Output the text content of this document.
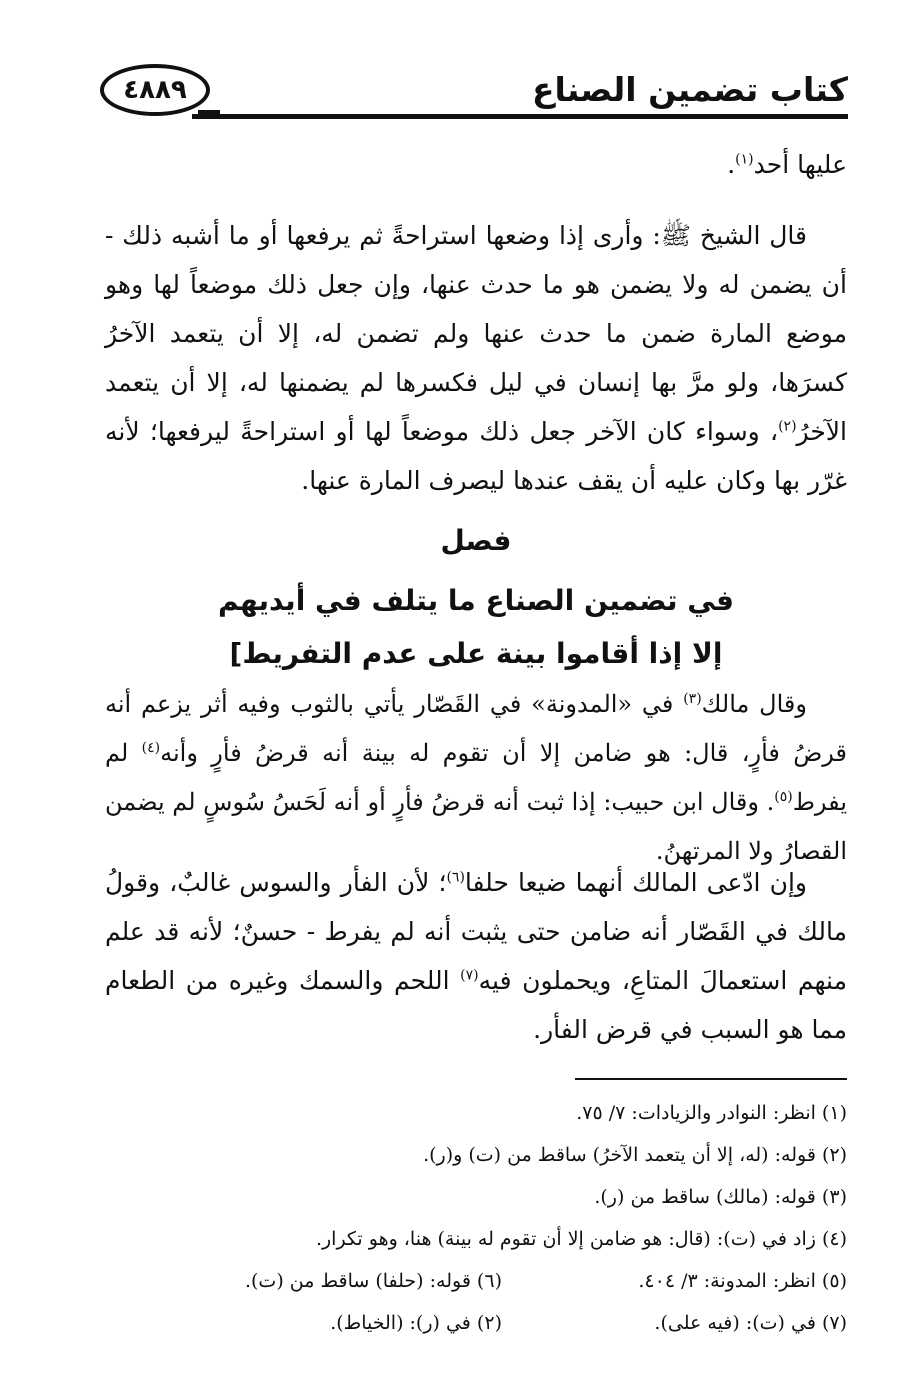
كتاب تضمين الصناع
٤٨٨٩

عليها أحد$^{(١)}$.

قال الشيخ ﷺ: وأرى إذا وضعها استراحةً ثم يرفعها أو ما أشبه ذلك - أن يضمن له ولا يضمن هو ما حدث عنها، وإن جعل ذلك موضعاً لها وهو موضع المارة ضمن ما حدث عنها ولم تضمن له، إلا أن يتعمد الآخرُ كسرَها، ولو مرَّ بها إنسان في ليل فكسرها لم يضمنها له، إلا أن يتعمد الآخرُ$^{(٢)}$، وسواء كان الآخر جعل ذلك موضعاً لها أو استراحةً ليرفعها؛ لأنه غرّر بها وكان عليه أن يقف عندها ليصرف المارة عنها.

فصل
في تضمين الصناع ما يتلف في أيديهم
إلا إذا أقاموا بينة على عدم التفريط]

وقال مالك$^{(٣)}$ في «المدونة» في القَصّار يأتي بالثوب وفيه أثر يزعم أنه قرضُ فأرٍ، قال: هو ضامن إلا أن تقوم له بينة أنه قرضُ فأرٍ وأنه$^{(٤)}$ لم يفرط$^{(٥)}$. وقال ابن حبيب: إذا ثبت أنه قرضُ فأرٍ أو أنه لَحَسُ سُوسٍ لم يضمن القصارُ ولا المرتهنُ.

وإن ادّعى المالك أنهما ضيعا حلفا$^{(٦)}$؛ لأن الفأر والسوس غالبٌ، وقولُ مالك في القَصّار أنه ضامن حتى يثبت أنه لم يفرط - حسنٌ؛ لأنه قد علم منهم استعمالَ المتاعِ، ويحملون فيه$^{(٧)}$ اللحم والسمك وغيره من الطعام مما هو السبب في قرض الفأر.

(١) انظر: النوادر والزيادات: ٧/ ٧٥.
(٢) قوله: (له، إلا أن يتعمد الآخرُ) ساقط من (ت) و(ر).
(٣) قوله: (مالك) ساقط من (ر).
(٤) زاد في (ت): (قال: هو ضامن إلا أن تقوم له بينة) هنا، وهو تكرار.
(٥) انظر: المدونة: ٣/ ٤٠٤.
(٦) قوله: (حلفا) ساقط من (ت).
(٧) في (ت): (فيه على).
(٢) في (ر): (الخياط).
